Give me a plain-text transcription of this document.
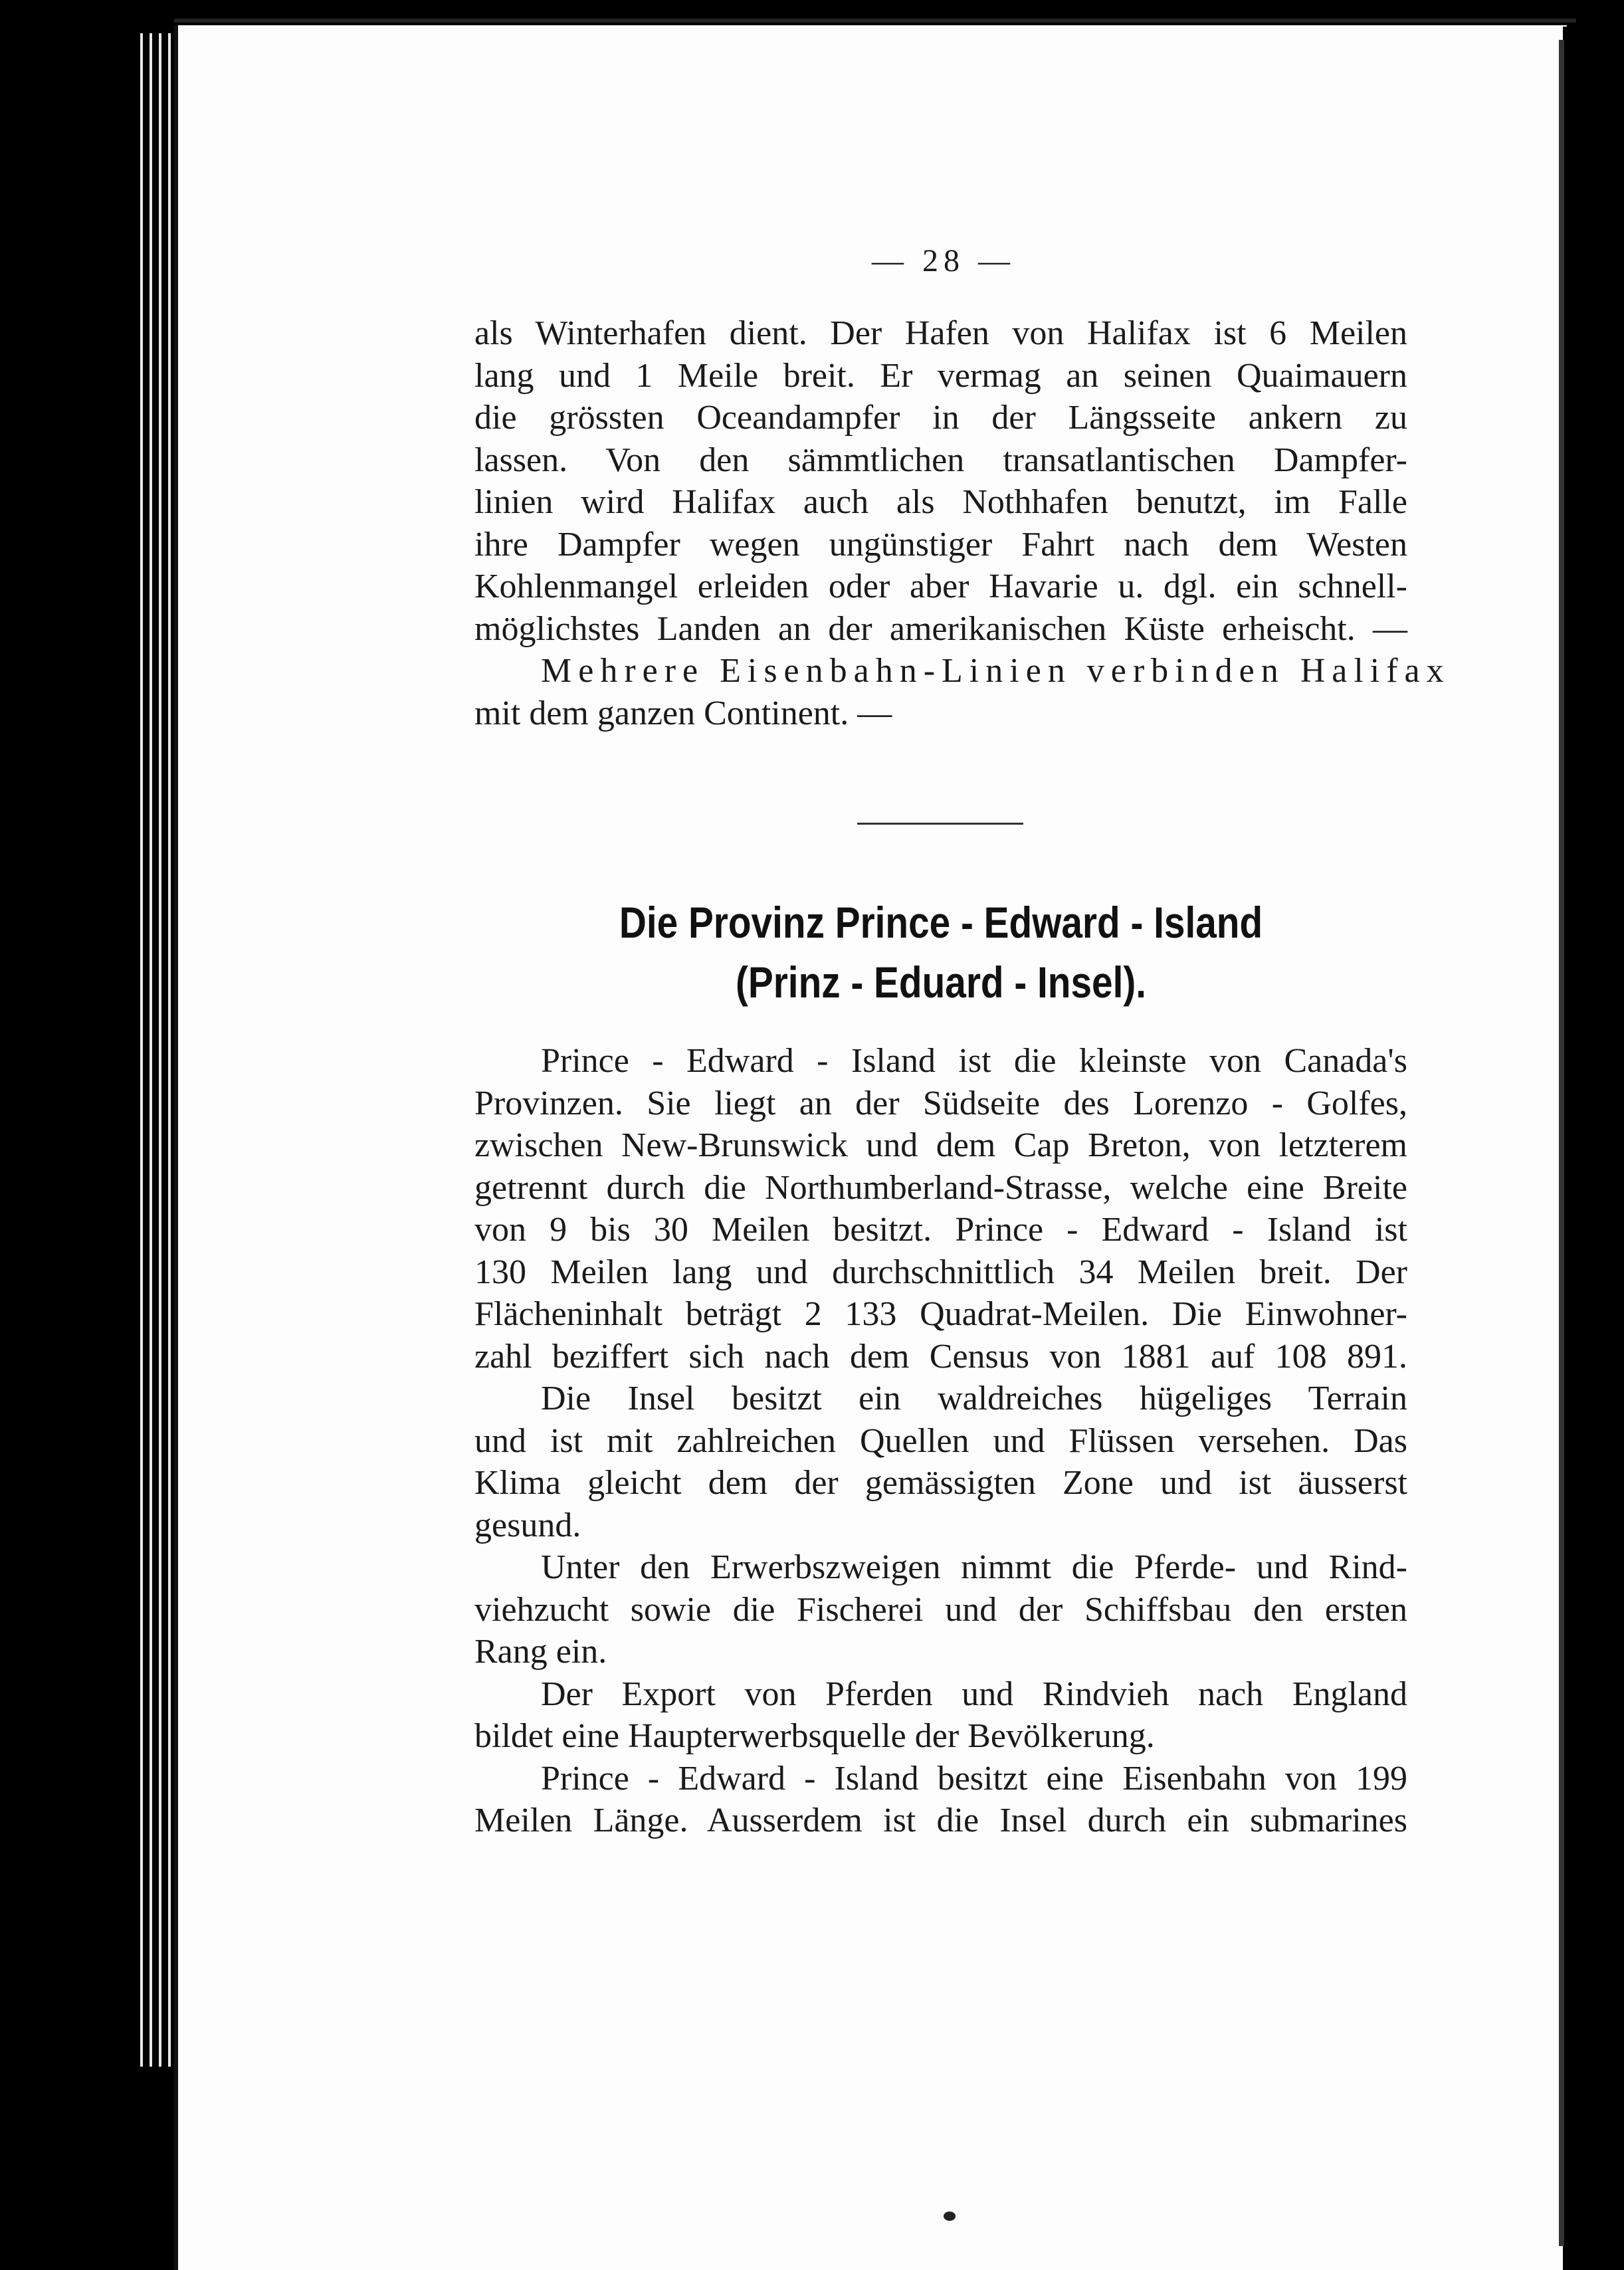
— 28 —

als Winterhafen dient. Der Hafen von Halifax ist 6 Meilen
lang und 1 Meile breit. Er vermag an seinen Quaimauern
die grössten Oceandampfer in der Längsseite ankern zu
lassen. Von den sämmtlichen transatlantischen Dampfer-
linien wird Halifax auch als Nothhafen benutzt, im Falle
ihre Dampfer wegen ungünstiger Fahrt nach dem Westen
Kohlenmangel erleiden oder aber Havarie u. dgl. ein schnell-
möglichstes Landen an der amerikanischen Küste erheischt. —

Mehrere Eisenbahn-Linien verbinden Halifax
mit dem ganzen Continent. —

Die Provinz Prince - Edward - Island
(Prinz - Eduard - Insel).

Prince - Edward - Island ist die kleinste von Canada's
Provinzen. Sie liegt an der Südseite des Lorenzo - Golfes,
zwischen New-Brunswick und dem Cap Breton, von letzterem
getrennt durch die Northumberland-Strasse, welche eine Breite
von 9 bis 30 Meilen besitzt. Prince - Edward - Island ist
130 Meilen lang und durchschnittlich 34 Meilen breit. Der
Flächeninhalt beträgt 2 133 Quadrat-Meilen. Die Einwohner-
zahl beziffert sich nach dem Census von 1881 auf 108 891.

Die Insel besitzt ein waldreiches hügeliges Terrain
und ist mit zahlreichen Quellen und Flüssen versehen. Das
Klima gleicht dem der gemässigten Zone und ist äusserst
gesund.

Unter den Erwerbszweigen nimmt die Pferde- und Rind-
viehzucht sowie die Fischerei und der Schiffsbau den ersten
Rang ein.

Der Export von Pferden und Rindvieh nach England
bildet eine Haupterwerbsquelle der Bevölkerung.

Prince - Edward - Island besitzt eine Eisenbahn von 199
Meilen Länge. Ausserdem ist die Insel durch ein submarines
